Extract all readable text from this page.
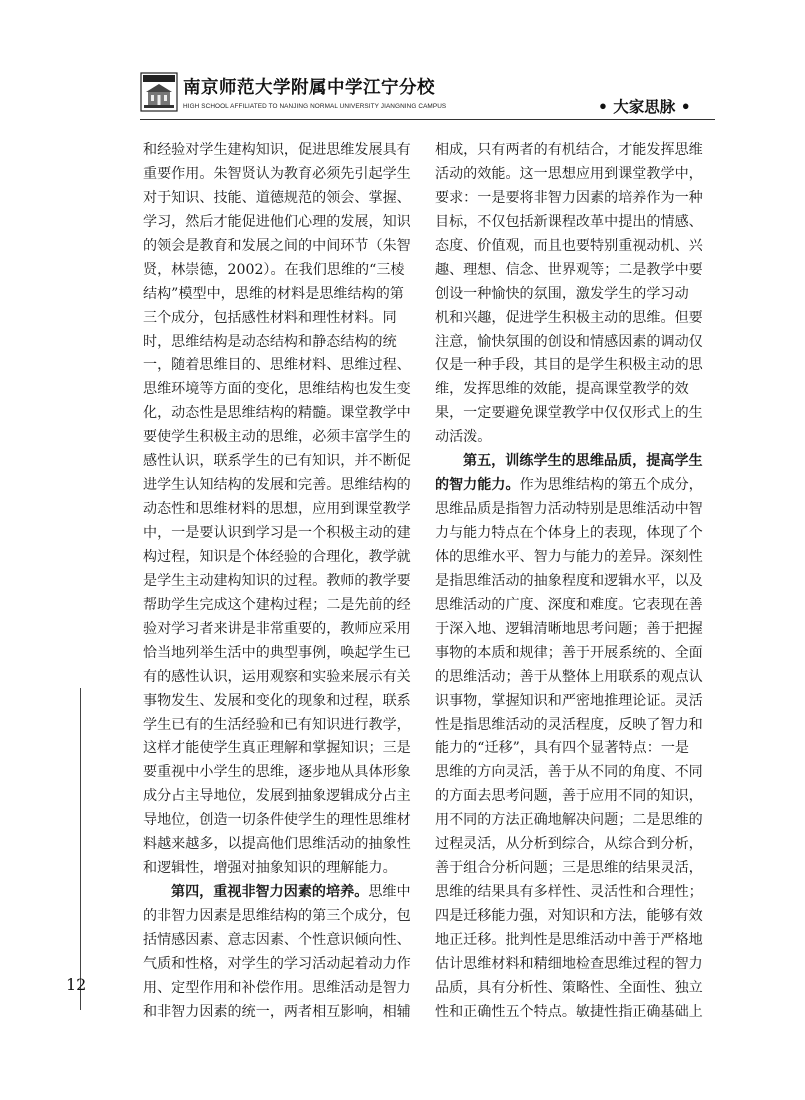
南京师范大学附属中学江宁分校
HIGH SCHOOL AFFILIATED TO NANJING NORMAL UNIVERSITY JIANGNING CAMPUS	• 大家思脉 •
和经验对学生建构知识，促进思维发展具有
重要作用。朱智贤认为教育必须先引起学生
对于知识、技能、道德规范的领会、掌握、
学习，然后才能促进他们心理的发展，知识
的领会是教育和发展之间的中间环节（朱智
贤，林崇德，2002）。在我们思维的“三棱
结构”模型中，思维的材料是思维结构的第
三个成分，包括感性材料和理性材料。同
时，思维结构是动态结构和静态结构的统
一，随着思维目的、思维材料、思维过程、
思维环境等方面的变化，思维结构也发生变
化，动态性是思维结构的精髓。课堂教学中
要使学生积极主动的思维，必须丰富学生的
感性认识，联系学生的已有知识，并不断促
进学生认知结构的发展和完善。思维结构的
动态性和思维材料的思想，应用到课堂教学
中，一是要认识到学习是一个积极主动的建
构过程，知识是个体经验的合理化，教学就
是学生主动建构知识的过程。教师的教学要
帮助学生完成这个建构过程；二是先前的经
验对学习者来讲是非常重要的，教师应采用
恰当地列举生活中的典型事例，唤起学生已
有的感性认识，运用观察和实验来展示有关
事物发生、发展和变化的现象和过程，联系
学生已有的生活经验和已有知识进行教学，
这样才能使学生真正理解和掌握知识；三是
要重视中小学生的思维，逐步地从具体形象
成分占主导地位，发展到抽象逻辑成分占主
导地位，创造一切条件使学生的理性思维材
料越来越多，以提高他们思维活动的抽象性
和逻辑性，增强对抽象知识的理解能力。
第四，重视非智力因素的培养。思维中
的非智力因素是思维结构的第三个成分，包
括情感因素、意志因素、个性意识倾向性、
气质和性格，对学生的学习活动起着动力作
用、定型作用和补偿作用。思维活动是智力
和非智力因素的统一，两者相互影响，相辅
相成，只有两者的有机结合，才能发挥思维
活动的效能。这一思想应用到课堂教学中，
要求：一是要将非智力因素的培养作为一种
目标，不仅包括新课程改革中提出的情感、
态度、价值观，而且也要特别重视动机、兴
趣、理想、信念、世界观等；二是教学中要
创设一种愉快的氛围，激发学生的学习动
机和兴趣，促进学生积极主动的思维。但要
注意，愉快氛围的创设和情感因素的调动仅
仅是一种手段，其目的是学生积极主动的思
维，发挥思维的效能，提高课堂教学的效
果，一定要避免课堂教学中仅仅形式上的生
动活泼。
第五，训练学生的思维品质，提高学生
的智力能力。作为思维结构的第五个成分，
思维品质是指智力活动特别是思维活动中智
力与能力特点在个体身上的表现，体现了个
体的思维水平、智力与能力的差异。深刻性
是指思维活动的抽象程度和逻辑水平，以及
思维活动的广度、深度和难度。它表现在善
于深入地、逻辑清晰地思考问题；善于把握
事物的本质和规律；善于开展系统的、全面
的思维活动；善于从整体上用联系的观点认
识事物，掌握知识和严密地推理论证。灵活
性是指思维活动的灵活程度，反映了智力和
能力的“迁移”，具有四个显著特点：一是
思维的方向灵活，善于从不同的角度、不同
的方面去思考问题，善于应用不同的知识，
用不同的方法正确地解决问题；二是思维的
过程灵活，从分析到综合，从综合到分析，
善于组合分析问题；三是思维的结果灵活，
思维的结果具有多样性、灵活性和合理性；
四是迁移能力强，对知识和方法，能够有效
地正迁移。批判性是思维活动中善于严格地
估计思维材料和精细地检查思维过程的智力
品质，具有分析性、策略性、全面性、独立
性和正确性五个特点。敏捷性指正确基础上
12
